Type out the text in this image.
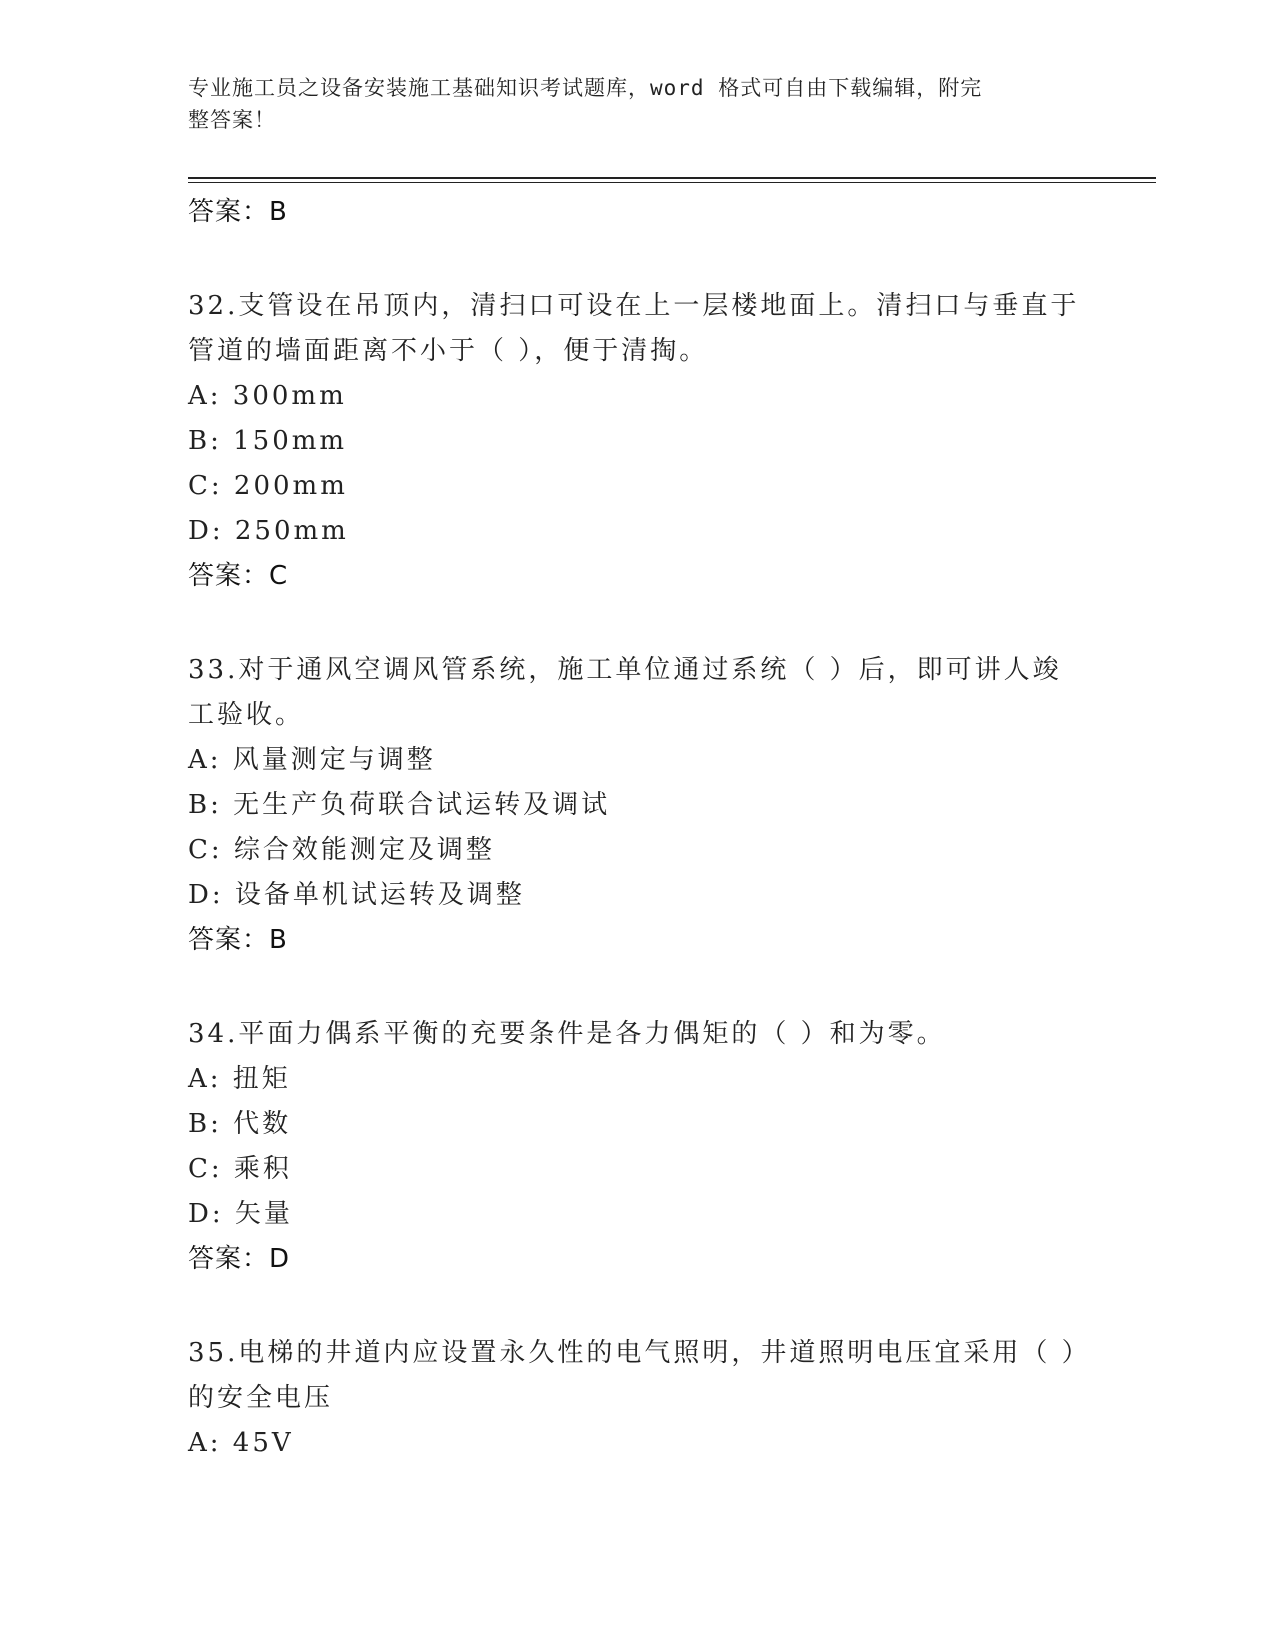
专业施工员之设备安装施工基础知识考试题库，word 格式可自由下载编辑，附完
整答案！
答案：B
32.支管设在吊顶内，清扫口可设在上一层楼地面上。清扫口与垂直于管道的墙面距离不小于（ ），便于清掏。
A: 300mm
B: 150mm
C: 200mm
D: 250mm
答案：C
33.对于通风空调风管系统，施工单位通过系统（ ）后，即可讲人竣工验收。
A: 风量测定与调整
B: 无生产负荷联合试运转及调试
C: 综合效能测定及调整
D: 设备单机试运转及调整
答案：B
34.平面力偶系平衡的充要条件是各力偶矩的（ ）和为零。
A: 扭矩
B: 代数
C: 乘积
D: 矢量
答案：D
35.电梯的井道内应设置永久性的电气照明，井道照明电压宜采用（ ）的安全电压
A: 45V
